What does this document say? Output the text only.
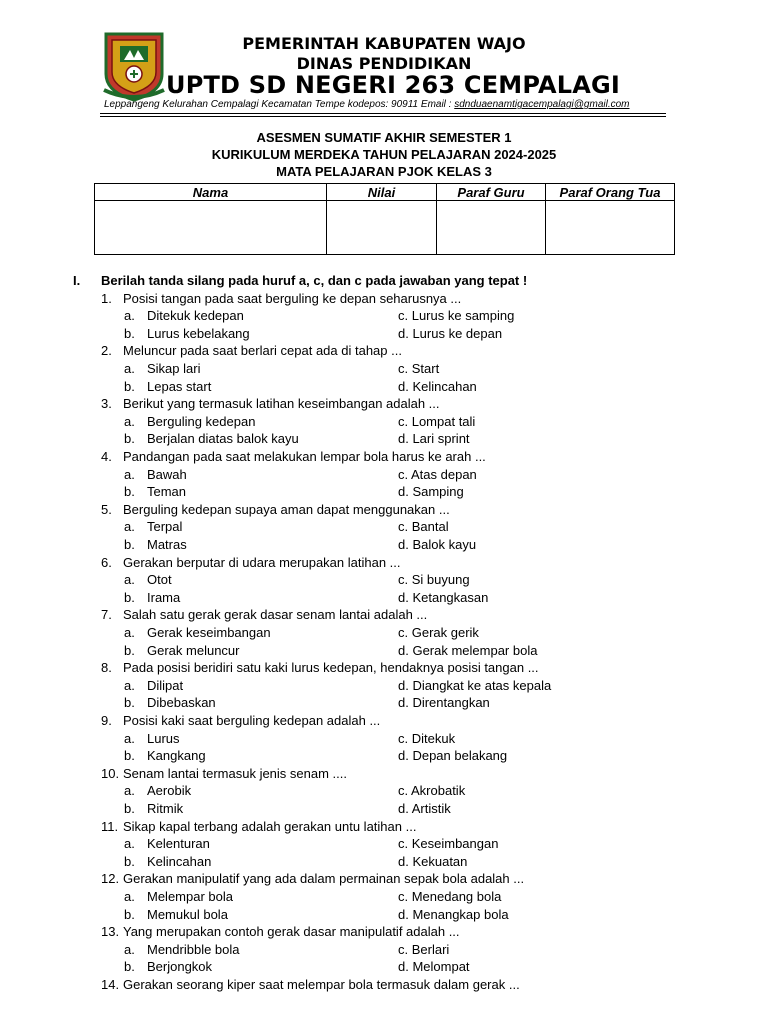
PEMERINTAH KABUPATEN WAJO
DINAS PENDIDIKAN
UPTD SD NEGERI 263 CEMPALAGI
Leppangeng Kelurahan Cempalagi Kecamatan Tempe kodepos: 90911 Email : sdnduaenamtigacempalagi@gmail.com
ASESMEN SUMATIF AKHIR SEMESTER 1
KURIKULUM MERDEKA TAHUN PELAJARAN 2024-2025
MATA PELAJARAN PJOK KELAS 3
Nama	Nilai	Paraf Guru	Paraf Orang Tua

I. Berilah tanda silang pada huruf a, c, dan c pada jawaban yang tepat !
1. Posisi tangan pada saat berguling ke depan seharusnya ...
a. Ditekuk kedepan	c. Lurus ke samping
b. Lurus kebelakang	d. Lurus ke depan
2. Meluncur pada saat berlari cepat ada di tahap ...
a. Sikap lari	c. Start
b. Lepas start	d. Kelincahan
3. Berikut yang termasuk latihan keseimbangan adalah ...
a. Berguling kedepan	c. Lompat tali
b. Berjalan diatas balok kayu	d. Lari sprint
4. Pandangan pada saat melakukan lempar bola harus ke arah ...
a. Bawah	c. Atas depan
b. Teman	d. Samping
5. Berguling kedepan supaya aman dapat menggunakan ...
a. Terpal	c. Bantal
b. Matras	d. Balok kayu
6. Gerakan berputar di udara merupakan latihan ...
a. Otot	c. Si buyung
b. Irama	d. Ketangkasan
7. Salah satu gerak gerak dasar senam lantai adalah ...
a. Gerak keseimbangan	c. Gerak gerik
b. Gerak meluncur	d. Gerak melempar bola
8. Pada posisi beridiri satu kaki lurus kedepan, hendaknya posisi tangan ...
a. Dilipat	d. Diangkat ke atas kepala
b. Dibebaskan	d. Direntangkan
9. Posisi kaki saat berguling kedepan adalah ...
a. Lurus	c. Ditekuk
b. Kangkang	d. Depan belakang
10. Senam lantai termasuk jenis senam ....
a. Aerobik	c. Akrobatik
b. Ritmik	d. Artistik
11. Sikap kapal terbang adalah gerakan untu latihan ...
a. Kelenturan	c. Keseimbangan
b. Kelincahan	d. Kekuatan
12. Gerakan manipulatif yang ada dalam permainan sepak bola adalah ...
a. Melempar bola	c. Menedang bola
b. Memukul bola	d. Menangkap bola
13. Yang merupakan contoh gerak dasar manipulatif adalah ...
a. Mendribble bola	c. Berlari
b. Berjongkok	d. Melompat
14. Gerakan seorang kiper saat melempar bola termasuk dalam gerak ...
